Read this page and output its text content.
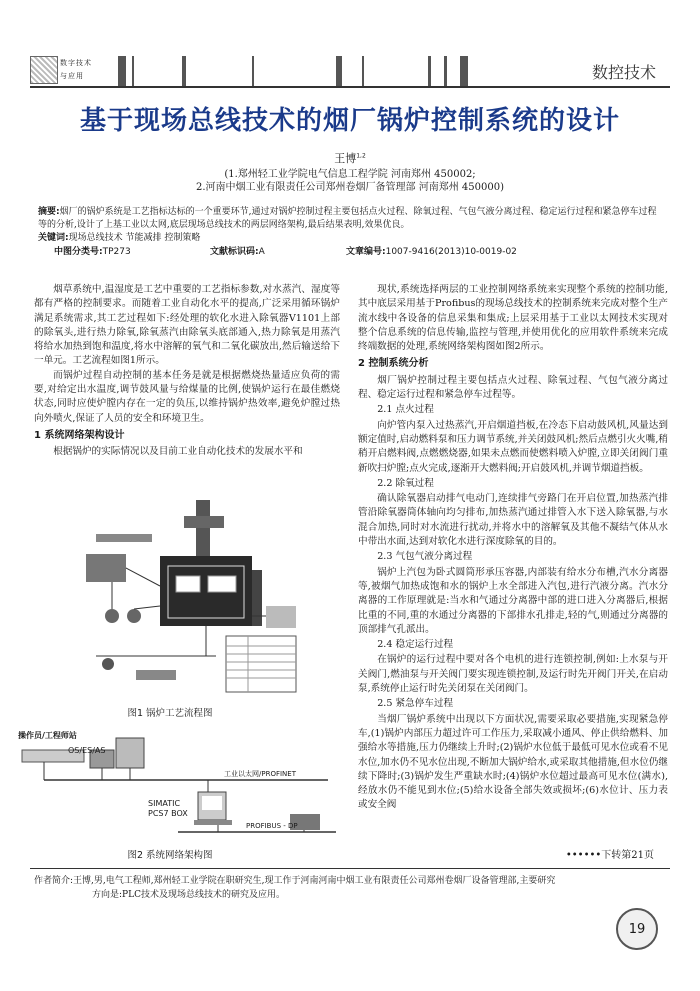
数字技术
与应用	数控技术
基于现场总线技术的烟厂锅炉控制系统的设计
王博$^{1,2}$
(1.郑州轻工业学院电气信息工程学院 河南郑州 450002;
2.河南中烟工业有限责任公司郑州卷烟厂备管理部 河南郑州 450000)
摘要:烟厂的锅炉系统是工艺指标达标的一个重要环节,通过对锅炉控制过程主要包括点火过程、除氧过程、气包气液分离过程、稳定运行过程和紧急停车过程等的分析,设计了上基工业以太网,底层现场总线技术的两层网络架构,最后结果表明,效果优良。
关键词:现场总线技术 节能减排 控制策略
中图分类号:TP273	文献标识码:A	文章编号:1007-9416(2013)10-0019-02

烟草系统中,温湿度是工艺中重要的工艺指标参数,对水蒸汽、湿度等都有严格的控制要求。而随着工业自动化水平的提高,广泛采用循环锅炉满足系统需求,其工艺过程如下:经处理的软化水进入除氧器V1101上部的除氧头,进行热力除氧,除氧蒸汽由除氧头底部通入,热力除氧是用蒸汽将给水加热到饱和温度,将水中溶解的氧气和二氧化碳放出,然后输送给下一单元。工艺流程如图1所示。

而锅炉过程自动控制的基本任务是就是根据燃烧热量适应负荷的需要,对给定出水温度,调节鼓风量与给煤量的比例,使锅炉运行在最佳燃烧状态,同时应使炉膛内存在一定的负压,以维持锅炉热效率,避免炉膛过热向外喷火,保证了人员的安全和环境卫生。

1 系统网络架构设计

根据锅炉的实际情况以及目前工业自动化技术的发展水平和

图1 锅炉工艺流程图
操作员/工程师站
OS/ES/AS
工业以太网/PROFINET
SIMATIC
PCS7 BOX
PROFIBUS - DP
图2 系统网络架构图

现状,系统选择两层的工业控制网络系统来实现整个系统的控制功能,其中底层采用基于Profibus的现场总线技术的控制系统来完成对整个生产流水线中各设备的信息采集和集成;上层采用基于工业以太网技术实现对整个信息系统的信息传输,监控与管理,并使用优化的应用软件系统来完成终端数据的处理,系统网络架构图如图2所示。

2 控制系统分析

烟厂锅炉控制过程主要包括点火过程、除氧过程、气包气液分离过程、稳定运行过程和紧急停车过程等。

2.1 点火过程

向炉管内泵入过热蒸汽,开启烟道挡板,在冷态下启动鼓风机,风量达到额定值时,启动燃料泵和压力调节系统,并关闭鼓风机;然后点燃引火火嘴,稍稍开启燃料阀,点燃燃烧器,如果未点燃而使燃料喷入炉膛,立即关闭阀门重新吹扫炉膛;点火完成,逐渐开大燃料阀;开启鼓风机,并调节烟道挡板。

2.2 除氧过程

确认除氧器启动排气电动门,连续排气旁路门在开启位置,加热蒸汽排管沿除氧器筒体轴向均匀排布,加热蒸汽通过排管入水下送入除氧器,与水混合加热,同时对水流进行扰动,并将水中的溶解氧及其他不凝结气体从水中带出水面,达到对软化水进行深度除氧的目的。

2.3 气包气液分离过程

锅炉上汽包为卧式圆筒形承压容器,内部装有给水分布槽,汽水分离器等,被烟气加热成饱和水的锅炉上水全部进入汽包,进行汽液分离。汽水分离器的工作原理就是:当水和气通过分离器中部的进口进入分离器后,根据比重的不同,重的水通过分离器的下部排水孔排走,轻的气,则通过分离器的顶部排气孔派出。

2.4 稳定运行过程

在锅炉的运行过程中要对各个电机的进行连锁控制,例如:上水泵与开关阀门,燃油泵与开关阀门要实现连锁控制,及运行时先开阀门开关,在启动泵,系统停止运行时先关闭泵在关闭阀门。

2.5 紧急停车过程

当烟厂锅炉系统中出现以下方面状况,需要采取必要措施,实现紧急停车,(1)锅炉内部压力超过许可工作压力,采取减小通风、停止供给燃料、加强给水等措施,压力仍继续上升时;(2)锅炉水位低于最低可见水位或看不见水位,加水仍不见水位出现,不断加大锅炉给水,或采取其他措施,但水位仍继续下降时;(3)锅炉发生严重缺水时;(4)锅炉水位超过最高可见水位(满水),经放水仍不能见到水位;(5)给水设备全部失效或损坏;(6)水位计、压力表或安全阀

••••••下转第21页
作者简介:王博,男,电气工程师,郑州轻工业学院在职研究生,现工作于河南河南中烟工业有限责任公司郑州卷烟厂设备管理部,主要研究
方向是:PLC技术及现场总线技术的研究及应用。
19
